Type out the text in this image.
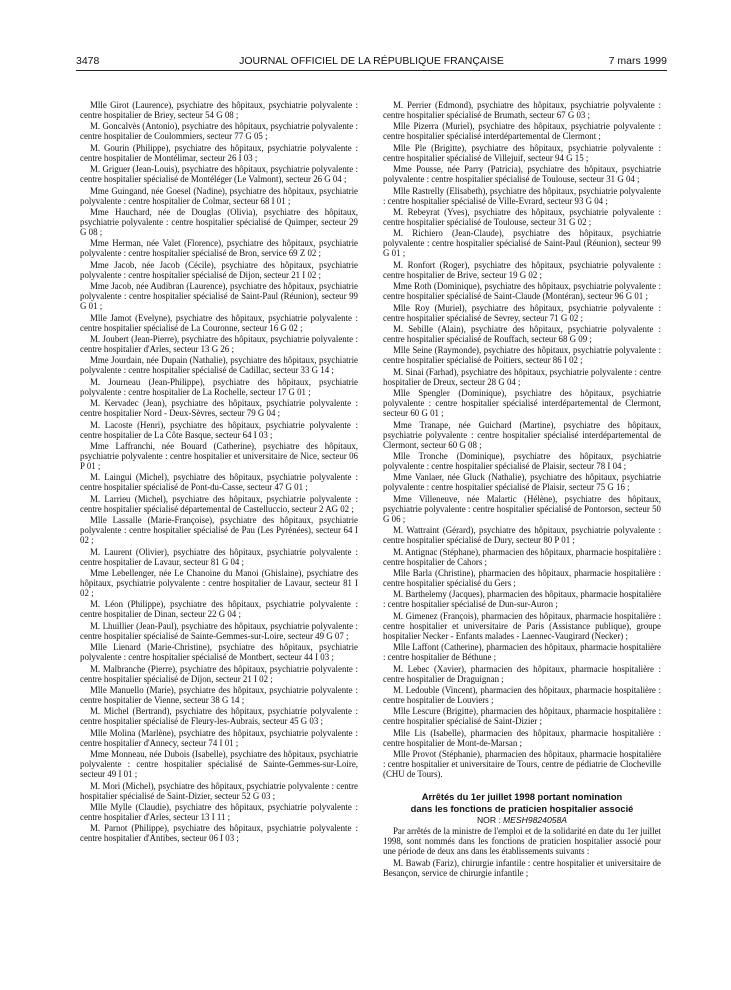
3478	JOURNAL OFFICIEL DE LA RÉPUBLIQUE FRANÇAISE	7 mars 1999

Mlle Girot (Laurence), psychiatre des hôpitaux, psychiatrie polyvalente : centre hospitalier de Briey, secteur 54 G 08 ;

M. Goncalvès (Antonio), psychiatre des hôpitaux, psychiatrie polyvalente : centre hospitalier de Coulommiers, secteur 77 G 05 ;

M. Gourin (Philippe), psychiatre des hôpitaux, psychiatrie polyvalente : centre hospitalier de Montélimar, secteur 26 I 03 ;

M. Griguer (Jean-Louis), psychiatre des hôpitaux, psychiatrie polyvalente : centre hospitalier spécialisé de Montéléger (Le Valmont), secteur 26 G 04 ;

Mme Guingand, née Goesel (Nadine), psychiatre des hôpitaux, psychiatrie polyvalente : centre hospitalier de Colmar, secteur 68 I 01 ;

Mme Hauchard, née de Douglas (Olivia), psychiatre des hôpitaux, psychiatrie polyvalente : centre hospitalier spécialisé de Quimper, secteur 29 G 08 ;

Mme Herman, née Valet (Florence), psychiatre des hôpitaux, psychiatrie polyvalente : centre hospitalier spécialisé de Bron, service 69 Z 02 ;

Mme Jacob, née Jacob (Cécile), psychiatre des hôpitaux, psychiatrie polyvalente : centre hospitalier spécialisé de Dijon, secteur 21 I 02 ;

Mme Jacob, née Audibran (Laurence), psychiatre des hôpitaux, psychiatrie polyvalente : centre hospitalier spécialisé de Saint-Paul (Réunion), secteur 99 G 01 ;

Mlle Jamot (Evelyne), psychiatre des hôpitaux, psychiatrie polyvalente : centre hospitalier spécialisé de La Couronne, secteur 16 G 02 ;

M. Joubert (Jean-Pierre), psychiatre des hôpitaux, psychiatrie polyvalente : centre hospitalier d'Arles, secteur 13 G 26 ;

Mme Jourdain, née Dupain (Nathalie), psychiatre des hôpitaux, psychiatrie polyvalente : centre hospitalier spécialisé de Cadillac, secteur 33 G 14 ;

M. Journeau (Jean-Philippe), psychiatre des hôpitaux, psychiatrie polyvalente : centre hospitalier de La Rochelle, secteur 17 G 01 ;

M. Kervadec (Jean), psychiatre des hôpitaux, psychiatrie polyvalente : centre hospitalier Nord - Deux-Sèvres, secteur 79 G 04 ;

M. Lacoste (Henri), psychiatre des hôpitaux, psychiatrie polyvalente : centre hospitalier de La Côte Basque, secteur 64 I 03 ;

Mme Laffranchi, née Bouard (Catherine), psychiatre des hôpitaux, psychiatrie polyvalente : centre hospitalier et universitaire de Nice, secteur 06 P 01 ;

M. Laingui (Michel), psychiatre des hôpitaux, psychiatrie polyvalente : centre hospitalier spécialisé de Pont-du-Casse, secteur 47 G 01 ;

M. Larrieu (Michel), psychiatre des hôpitaux, psychiatrie polyvalente : centre hospitalier spécialisé départemental de Castelluccio, secteur 2 AG 02 ;

Mlle Lassalle (Marie-Françoise), psychiatre des hôpitaux, psychiatrie polyvalente : centre hospitalier spécialisé de Pau (Les Pyrénées), secteur 64 I 02 ;

M. Laurent (Olivier), psychiatre des hôpitaux, psychiatrie polyvalente : centre hospitalier de Lavaur, secteur 81 G 04 ;

Mme Lebellenger, née Le Chanoine du Manoi (Ghislaine), psychiatre des hôpitaux, psychiatrie polyvalente : centre hospitalier de Lavaur, secteur 81 I 02 ;

M. Léon (Philippe), psychiatre des hôpitaux, psychiatrie polyvalente : centre hospitalier de Dinan, secteur 22 G 04 ;

M. Lhuillier (Jean-Paul), psychiatre des hôpitaux, psychiatrie polyvalente : centre hospitalier spécialisé de Sainte-Gemmes-sur-Loire, secteur 49 G 07 ;

Mlle Lienard (Marie-Christine), psychiatre des hôpitaux, psychiatrie polyvalente : centre hospitalier spécialisé de Montbert, secteur 44 I 03 ;

M. Malbranche (Pierre), psychiatre des hôpitaux, psychiatrie polyvalente : centre hospitalier spécialisé de Dijon, secteur 21 I 02 ;

Mlle Manuello (Marie), psychiatre des hôpitaux, psychiatrie polyvalente : centre hospitalier de Vienne, secteur 38 G 14 ;

M. Michel (Bertrand), psychiatre des hôpitaux, psychiatrie polyvalente : centre hospitalier spécialisé de Fleury-les-Aubrais, secteur 45 G 03 ;

Mlle Molina (Marlène), psychiatre des hôpitaux, psychiatrie polyvalente : centre hospitalier d'Annecy, secteur 74 I 01 ;

Mme Monneau, née Dubois (Isabelle), psychiatre des hôpitaux, psychiatrie polyvalente : centre hospitalier spécialisé de Sainte-Gemmes-sur-Loire, secteur 49 I 01 ;

M. Mori (Michel), psychiatre des hôpitaux, psychiatrie polyvalente : centre hospitalier spécialisé de Saint-Dizier, secteur 52 G 03 ;

Mlle Mylle (Claudie), psychiatre des hôpitaux, psychiatrie polyvalente : centre hospitalier d'Arles, secteur 13 I 11 ;

M. Parnot (Philippe), psychiatre des hôpitaux, psychiatrie polyvalente : centre hospitalier d'Antibes, secteur 06 I 03 ;

M. Perrier (Edmond), psychiatre des hôpitaux, psychiatrie polyvalente : centre hospitalier spécialisé de Brumath, secteur 67 G 03 ;

Mlle Pizerra (Muriel), psychiatre des hôpitaux, psychiatrie polyvalente : centre hospitalier spécialisé interdépartemental de Clermont ;

Mlle Ple (Brigitte), psychiatre des hôpitaux, psychiatrie polyvalente : centre hospitalier spécialisé de Villejuif, secteur 94 G 15 ;

Mme Pousse, née Parry (Patricia), psychiatre des hôpitaux, psychiatrie polyvalente : centre hospitalier spécialisé de Toulouse, secteur 31 G 04 ;

Mlle Rastrelly (Elisabeth), psychiatre des hôpitaux, psychiatrie polyvalente : centre hospitalier spécialisé de Ville-Evrard, secteur 93 G 04 ;

M. Rebeyrat (Yves), psychiatre des hôpitaux, psychiatrie polyvalente : centre hospitalier spécialisé de Toulouse, secteur 31 G 02 ;

M. Richiero (Jean-Claude), psychiatre des hôpitaux, psychiatrie polyvalente : centre hospitalier spécialisé de Saint-Paul (Réunion), secteur 99 G 01 ;

M. Ronfort (Roger), psychiatre des hôpitaux, psychiatrie polyvalente : centre hospitalier de Brive, secteur 19 G 02 ;

Mme Roth (Dominique), psychiatre des hôpitaux, psychiatrie polyvalente : centre hospitalier spécialisé de Saint-Claude (Montéran), secteur 96 G 01 ;

Mlle Roy (Muriel), psychiatre des hôpitaux, psychiatrie polyvalente : centre hospitalier spécialisé de Sevrey, secteur 71 G 02 ;

M. Sebille (Alain), psychiatre des hôpitaux, psychiatrie polyvalente : centre hospitalier spécialisé de Rouffach, secteur 68 G 09 ;

Mlle Seine (Raymonde), psychiatre des hôpitaux, psychiatrie polyvalente : centre hospitalier spécialisé de Poitiers, secteur 86 I 02 ;

M. Sinai (Farhad), psychiatre des hôpitaux, psychiatrie polyvalente : centre hospitalier de Dreux, secteur 28 G 04 ;

Mlle Spengler (Dominique), psychiatre des hôpitaux, psychiatrie polyvalente : centre hospitalier spécialisé interdépartemental de Clermont, secteur 60 G 01 ;

Mme Tranape, née Guichard (Martine), psychiatre des hôpitaux, psychiatrie polyvalente : centre hospitalier spécialisé interdépartemental de Clermont, secteur 60 G 08 ;

Mlle Tronche (Dominique), psychiatre des hôpitaux, psychiatrie polyvalente : centre hospitalier spécialisé de Plaisir, secteur 78 I 04 ;

Mme Vanlaer, née Gluck (Nathalie), psychiatre des hôpitaux, psychiatrie polyvalente : centre hospitalier spécialisé de Plaisir, secteur 75 G 16 ;

Mme Villeneuve, née Malartic (Hélène), psychiatre des hôpitaux, psychiatrie polyvalente : centre hospitalier spécialisé de Pontorson, secteur 50 G 06 ;

M. Wattraint (Gérard), psychiatre des hôpitaux, psychiatrie polyvalente : centre hospitalier spécialisé de Dury, secteur 80 P 01 ;

M. Antignac (Stéphane), pharmacien des hôpitaux, pharmacie hospitalière : centre hospitalier de Cahors ;

Mlle Barla (Christine), pharmacien des hôpitaux, pharmacie hospitalière : centre hospitalier spécialisé du Gers ;

M. Barthelemy (Jacques), pharmacien des hôpitaux, pharmacie hospitalière : centre hospitalier spécialisé de Dun-sur-Auron ;

M. Gimenez (François), pharmacien des hôpitaux, pharmacie hospitalière : centre hospitalier et universitaire de Paris (Assistance publique), groupe hospitalier Necker - Enfants malades - Laennec-Vaugirard (Necker) ;

Mlle Laffont (Catherine), pharmacien des hôpitaux, pharmacie hospitalière : centre hospitalier de Béthune ;

M. Lebec (Xavier), pharmacien des hôpitaux, pharmacie hospitalière : centre hospitalier de Draguignan ;

M. Ledouble (Vincent), pharmacien des hôpitaux, pharmacie hospitalière : centre hospitalier de Louviers ;

Mlle Lescure (Brigitte), pharmacien des hôpitaux, pharmacie hospitalière : centre hospitalier spécialisé de Saint-Dizier ;

Mlle Lis (Isabelle), pharmacien des hôpitaux, pharmacie hospitalière : centre hospitalier de Mont-de-Marsan ;

Mlle Provot (Stéphanie), pharmacien des hôpitaux, pharmacie hospitalière : centre hospitalier et universitaire de Tours, centre de pédiatrie de Clocheville (CHU de Tours).

Arrêtés du 1er juillet 1998 portant nomination
dans les fonctions de praticien hospitalier associé

NOR : MESH9824058A

Par arrêtés de la ministre de l'emploi et de la solidarité en date du 1er juillet 1998, sont nommés dans les fonctions de praticien hospitalier associé pour une période de deux ans dans les établissements suivants :

M. Bawab (Fariz), chirurgie infantile : centre hospitalier et universitaire de Besançon, service de chirurgie infantile ;
